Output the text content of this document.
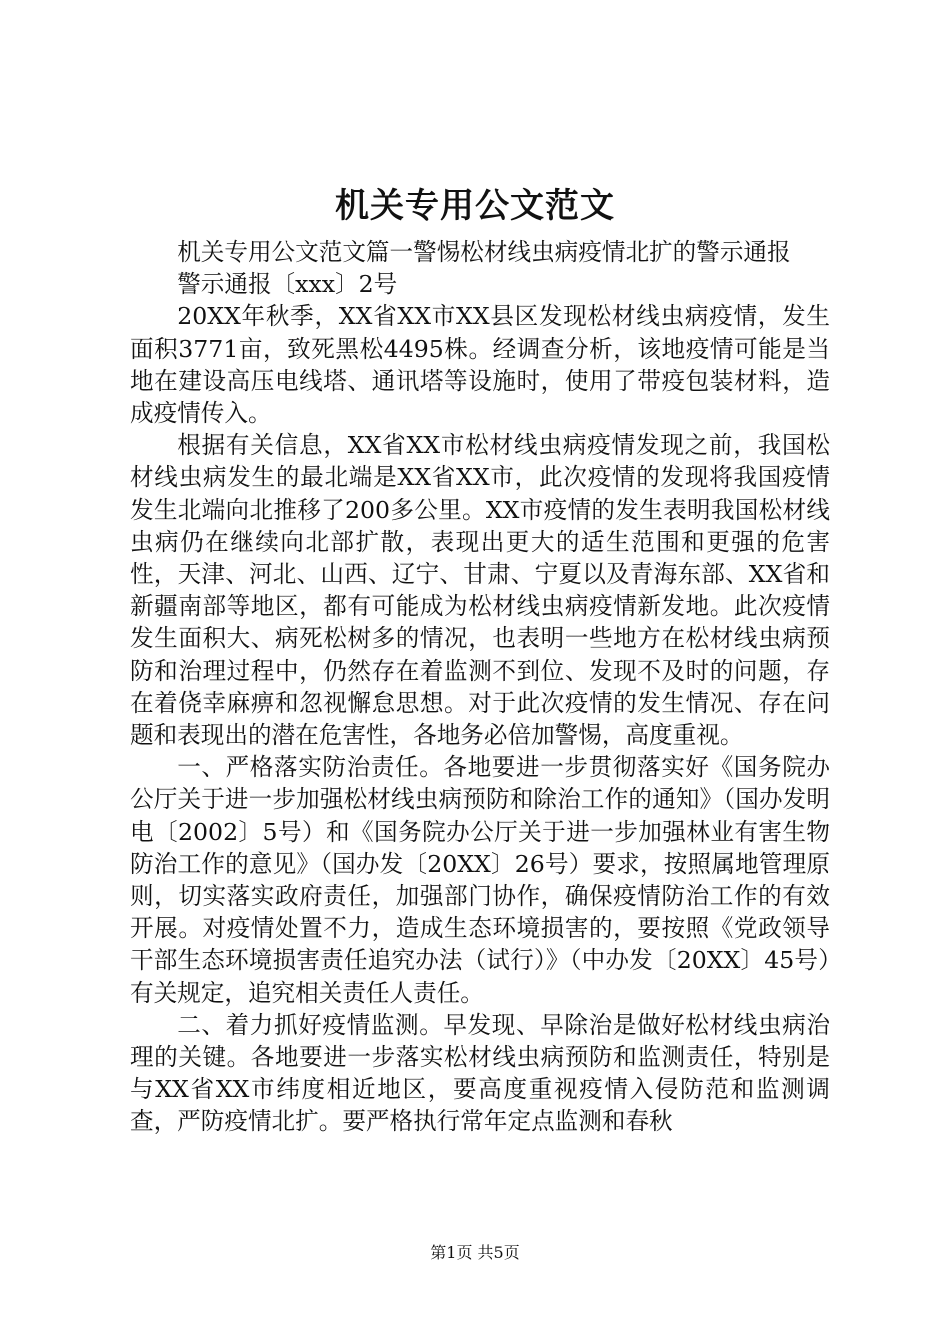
机关专用公文范文

机关专用公文范文篇一警惕松材线虫病疫情北扩的警示通报

警示通报〔xxx〕2号

20XX年秋季，XX省XX市XX县区发现松材线虫病疫情，发生面积3771亩，致死黑松4495株。经调查分析，该地疫情可能是当地在建设高压电线塔、通讯塔等设施时，使用了带疫包装材料，造成疫情传入。

根据有关信息，XX省XX市松材线虫病疫情发现之前，我国松材线虫病发生的最北端是XX省XX市，此次疫情的发现将我国疫情发生北端向北推移了200多公里。XX市疫情的发生表明我国松材线虫病仍在继续向北部扩散，表现出更大的适生范围和更强的危害性，天津、河北、山西、辽宁、甘肃、宁夏以及青海东部、XX省和新疆南部等地区，都有可能成为松材线虫病疫情新发地。此次疫情发生面积大、病死松树多的情况，也表明一些地方在松材线虫病预防和治理过程中，仍然存在着监测不到位、发现不及时的问题，存在着侥幸麻痹和忽视懈怠思想。对于此次疫情的发生情况、存在问题和表现出的潜在危害性，各地务必倍加警惕，高度重视。

一、严格落实防治责任。各地要进一步贯彻落实好《国务院办公厅关于进一步加强松材线虫病预防和除治工作的通知》（国办发明电〔2002〕5号）和《国务院办公厅关于进一步加强林业有害生物防治工作的意见》（国办发〔20XX〕26号）要求，按照属地管理原则，切实落实政府责任，加强部门协作，确保疫情防治工作的有效开展。对疫情处置不力，造成生态环境损害的，要按照《党政领导干部生态环境损害责任追究办法（试行）》（中办发〔20XX〕45号）有关规定，追究相关责任人责任。

二、着力抓好疫情监测。早发现、早除治是做好松材线虫病治理的关键。各地要进一步落实松材线虫病预防和监测责任，特别是与XX省XX市纬度相近地区，要高度重视疫情入侵防范和监测调查，严防疫情北扩。要严格执行常年定点监测和春秋

第1页 共5页
